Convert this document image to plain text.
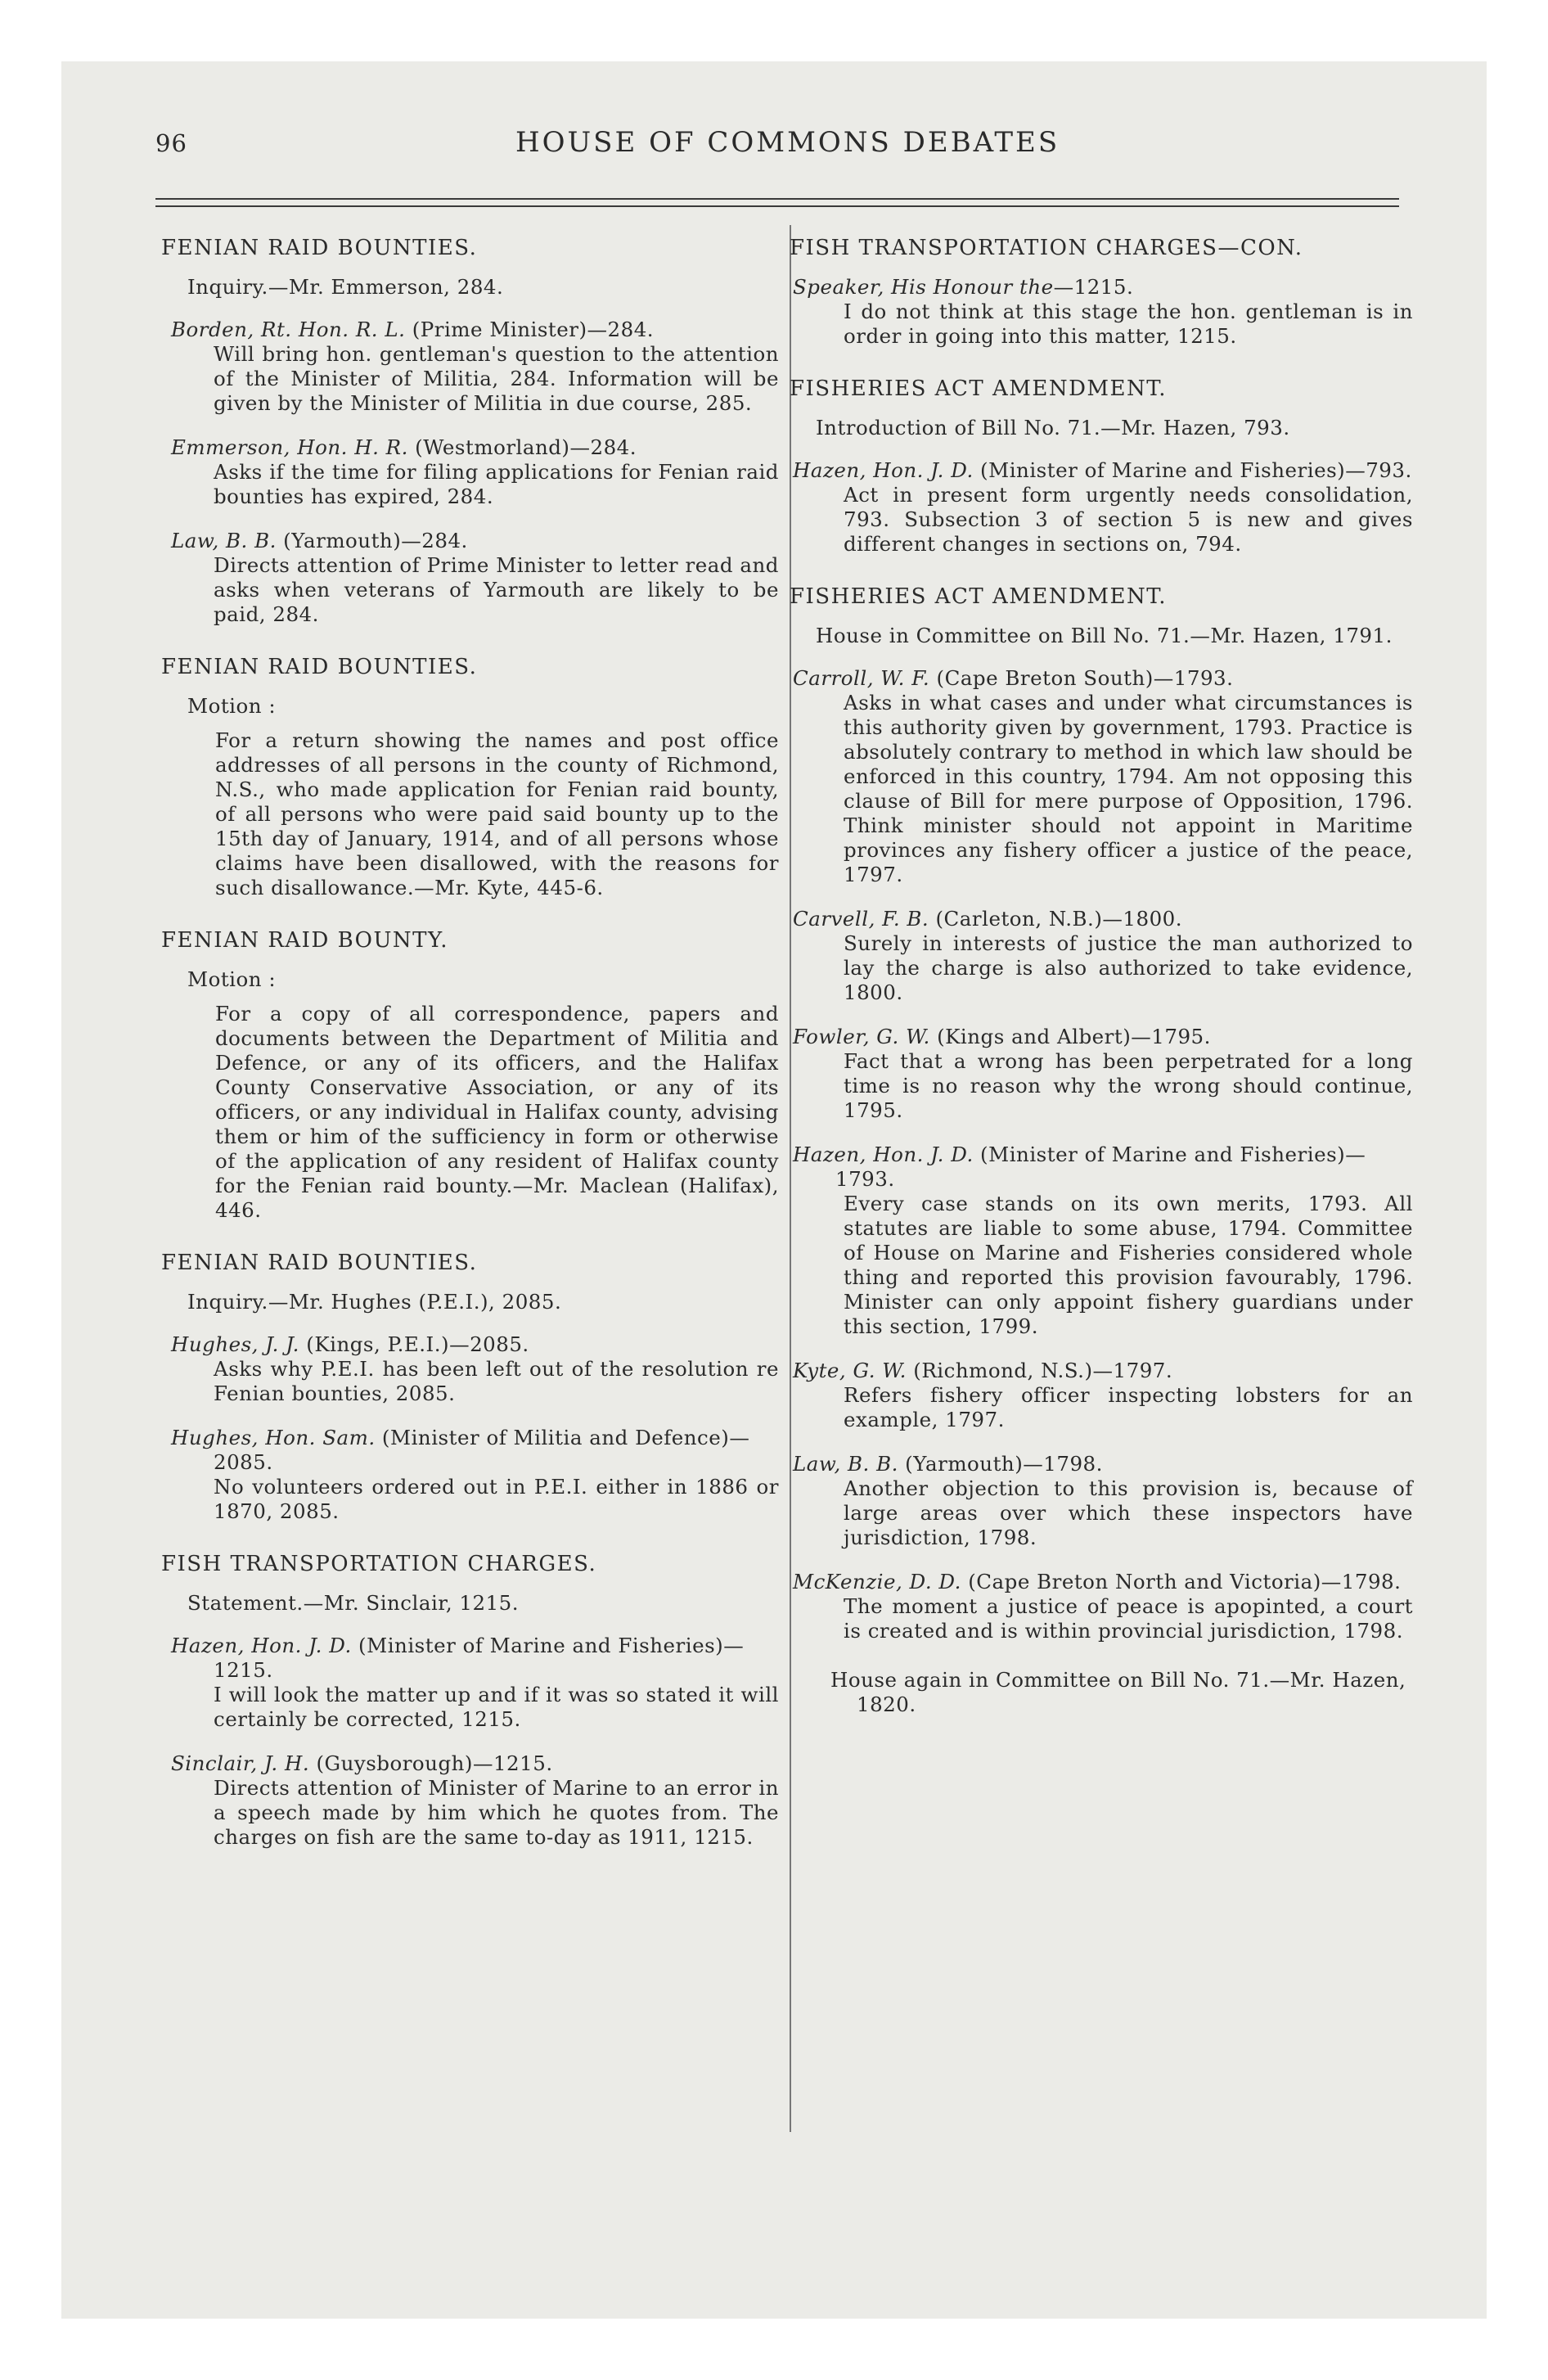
96	HOUSE OF COMMONS DEBATES
FENIAN RAID BOUNTIES.
Inquiry.—Mr. Emmerson, 284.
Borden, Rt. Hon. R. L. (Prime Minister)—284.
Will bring hon. gentleman's question to the attention of the Minister of Militia, 284. Information will be given by the Minister of Militia in due course, 285.
Emmerson, Hon. H. R. (Westmorland)—284.
Asks if the time for filing applications for Fenian raid bounties has expired, 284.
Law, B. B. (Yarmouth)—284.
Directs attention of Prime Minister to letter read and asks when veterans of Yarmouth are likely to be paid, 284.
FENIAN RAID BOUNTIES.
Motion :
For a return showing the names and post office addresses of all persons in the county of Richmond, N.S., who made application for Fenian raid bounty, of all persons who were paid said bounty up to the 15th day of January, 1914, and of all persons whose claims have been disallowed, with the reasons for such disallowance.—Mr. Kyte, 445-6.
FENIAN RAID BOUNTY.
Motion :
For a copy of all correspondence, papers and documents between the Department of Militia and Defence, or any of its officers, and the Halifax County Conservative Association, or any of its officers, or any individual in Halifax county, advising them or him of the sufficiency in form or otherwise of the application of any resident of Halifax county for the Fenian raid bounty.—Mr. Maclean (Halifax), 446.
FENIAN RAID BOUNTIES.
Inquiry.—Mr. Hughes (P.E.I.), 2085.
Hughes, J. J. (Kings, P.E.I.)—2085.
Asks why P.E.I. has been left out of the resolution re Fenian bounties, 2085.
Hughes, Hon. Sam. (Minister of Militia and Defence)—2085.
No volunteers ordered out in P.E.I. either in 1886 or 1870, 2085.
FISH TRANSPORTATION CHARGES.
Statement.—Mr. Sinclair, 1215.
Hazen, Hon. J. D. (Minister of Marine and Fisheries)—1215.
I will look the matter up and if it was so stated it will certainly be corrected, 1215.
Sinclair, J. H. (Guysborough)—1215.
Directs attention of Minister of Marine to an error in a speech made by him which he quotes from. The charges on fish are the same to-day as 1911, 1215.
FISH TRANSPORTATION CHARGES—CON.
Speaker, His Honour the—1215.
I do not think at this stage the hon. gentleman is in order in going into this matter, 1215.
FISHERIES ACT AMENDMENT.
Introduction of Bill No. 71.—Mr. Hazen, 793.
Hazen, Hon. J. D. (Minister of Marine and Fisheries)—793.
Act in present form urgently needs consolidation, 793. Subsection 3 of section 5 is new and gives different changes in sections on, 794.
FISHERIES ACT AMENDMENT.
House in Committee on Bill No. 71.—Mr. Hazen, 1791.
Carroll, W. F. (Cape Breton South)—1793.
Asks in what cases and under what circumstances is this authority given by government, 1793. Practice is absolutely contrary to method in which law should be enforced in this country, 1794. Am not opposing this clause of Bill for mere purpose of Opposition, 1796. Think minister should not appoint in Maritime provinces any fishery officer a justice of the peace, 1797.
Carvell, F. B. (Carleton, N.B.)—1800.
Surely in interests of justice the man authorized to lay the charge is also authorized to take evidence, 1800.
Fowler, G. W. (Kings and Albert)—1795.
Fact that a wrong has been perpetrated for a long time is no reason why the wrong should continue, 1795.
Hazen, Hon. J. D. (Minister of Marine and Fisheries)—1793.
Every case stands on its own merits, 1793. All statutes are liable to some abuse, 1794. Committee of House on Marine and Fisheries considered whole thing and reported this provision favourably, 1796. Minister can only appoint fishery guardians under this section, 1799.
Kyte, G. W. (Richmond, N.S.)—1797.
Refers fishery officer inspecting lobsters for an example, 1797.
Law, B. B. (Yarmouth)—1798.
Another objection to this provision is, because of large areas over which these inspectors have jurisdiction, 1798.
McKenzie, D. D. (Cape Breton North and Victoria)—1798.
The moment a justice of peace is apopinted, a court is created and is within provincial jurisdiction, 1798.
House again in Committee on Bill No. 71.—Mr. Hazen, 1820.
